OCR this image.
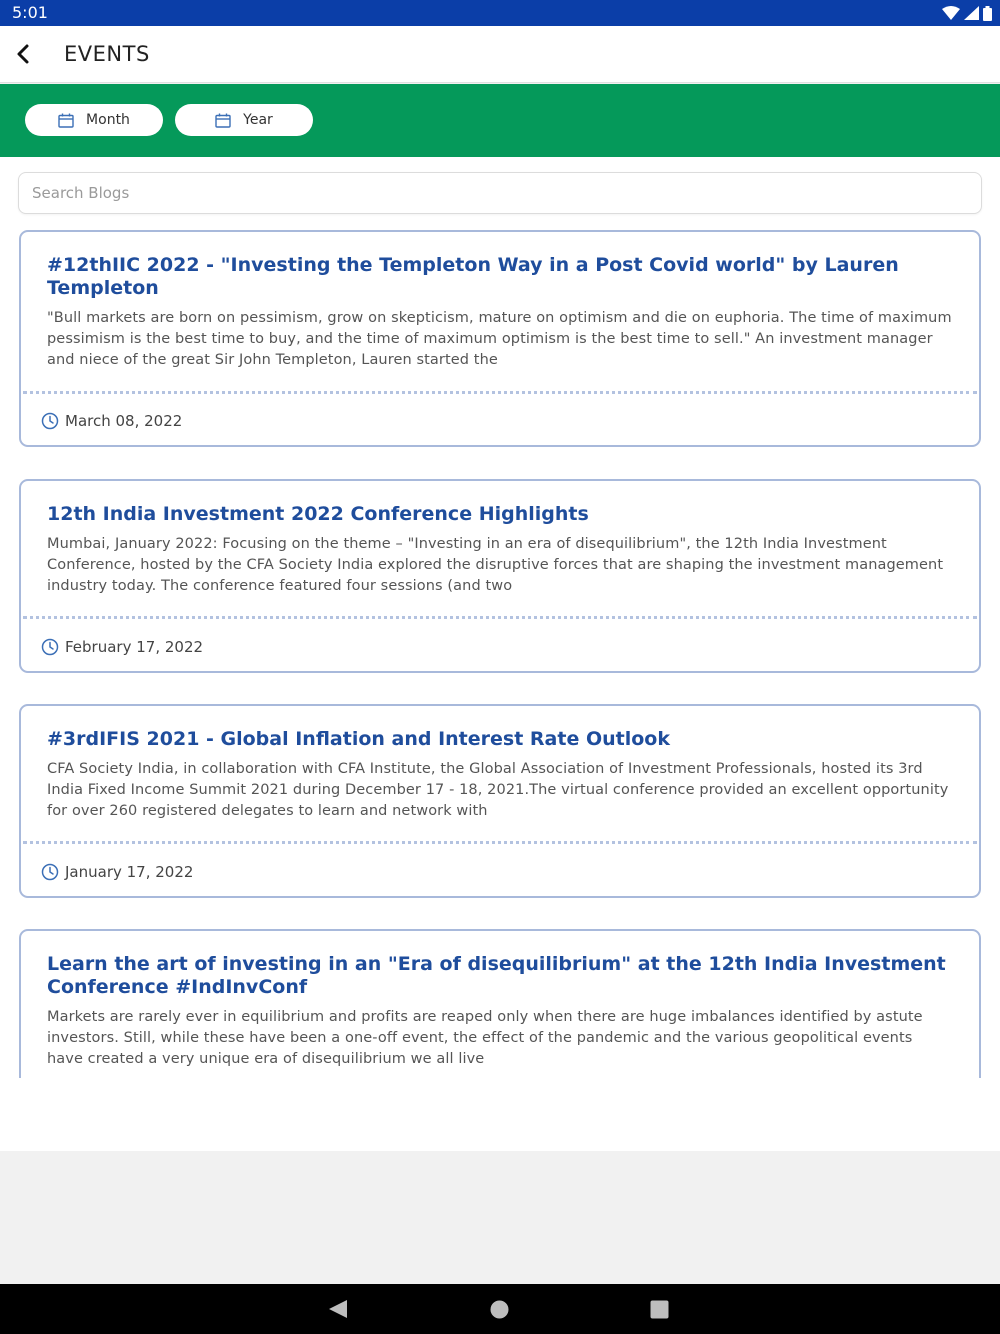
5:01
EVENTS
Month	Year
Search Blogs
#12thIIC 2022 - "Investing the Templeton Way in a Post Covid world" by Lauren Templeton
"Bull markets are born on pessimism, grow on skepticism, mature on optimism and die on euphoria. The time of maximum pessimism is the best time to buy, and the time of maximum optimism is the best time to sell." An investment manager and niece of the great Sir John Templeton, Lauren started the
March 08, 2022
12th India Investment 2022 Conference Highlights
Mumbai, January 2022: Focusing on the theme – "Investing in an era of disequilibrium", the 12th India Investment Conference, hosted by the CFA Society India explored the disruptive forces that are shaping the investment management industry today. The conference featured four sessions (and two
February 17, 2022
#3rdIFIS 2021 - Global Inflation and Interest Rate Outlook
CFA Society India, in collaboration with CFA Institute, the Global Association of Investment Professionals, hosted its 3rd India Fixed Income Summit 2021 during December 17 - 18, 2021.The virtual conference provided an excellent opportunity for over 260 registered delegates to learn and network with
January 17, 2022
Learn the art of investing in an "Era of disequilibrium" at the 12th India Investment Conference #IndInvConf
Markets are rarely ever in equilibrium and profits are reaped only when there are huge imbalances identified by astute investors. Still, while these have been a one-off event, the effect of the pandemic and the various geopolitical events have created a very unique era of disequilibrium we all live
